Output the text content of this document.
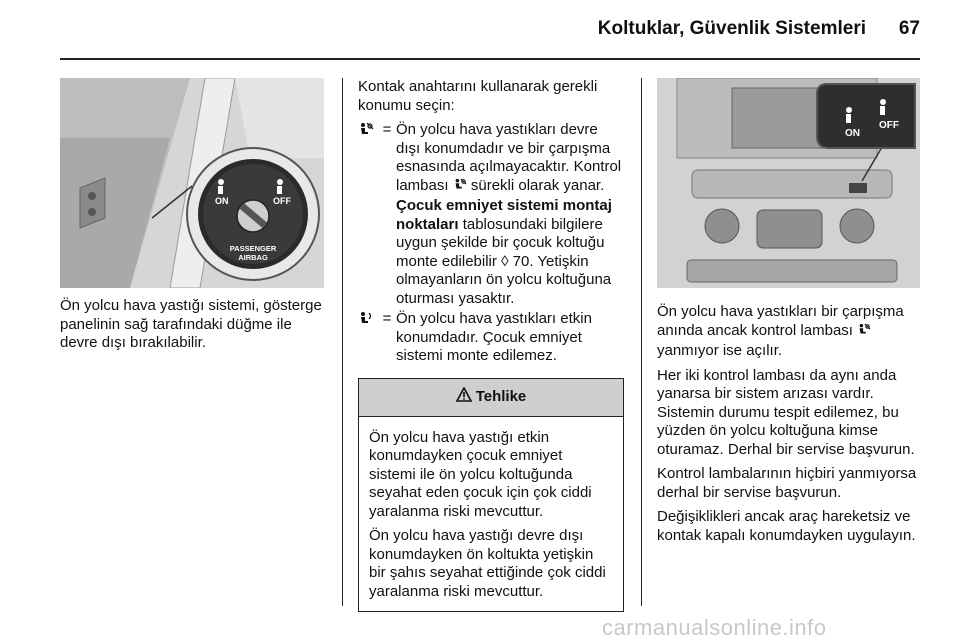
Koltuklar, Güvenlik Sistemleri 67
ON	OFF
PASSENGER
AIRBAG
ON
OFF
Ön yolcu hava yastığı sistemi, gösterge panelinin sağ tarafındaki düğme ile devre dışı bırakılabilir.
Kontak anahtarını kullanarak gerekli konumu seçin:
= Ön yolcu hava yastıkları devre dışı konumdadır ve bir çarpışma esnasında açılmayacaktır. Kontrol lambası  sürekli olarak yanar. Çocuk emniyet sistemi montaj noktaları tablosundaki bilgilere uygun şekilde bir çocuk koltuğu monte edilebilir ◊ 70. Yetişkin olmayanların ön yolcu koltuğuna oturması yasaktır.
= Ön yolcu hava yastıkları etkin konumdadır. Çocuk emniyet sistemi monte edilemez.
Tehlike
Ön yolcu hava yastığı etkin konumdayken çocuk emniyet sistemi ile ön yolcu koltuğunda seyahat eden çocuk için çok ciddi yaralanma riski mevcuttur.
Ön yolcu hava yastığı devre dışı konumdayken ön koltukta yetişkin bir şahıs seyahat ettiğinde çok ciddi yaralanma riski mevcuttur.
Ön yolcu hava yastıkları bir çarpışma anında ancak kontrol lambası  yanmıyor ise açılır.
Her iki kontrol lambası da aynı anda yanarsa bir sistem arızası vardır. Sistemin durumu tespit edilemez, bu yüzden ön yolcu koltuğuna kimse oturamaz. Derhal bir servise başvurun.
Kontrol lambalarının hiçbiri yanmıyorsa derhal bir servise başvurun.
Değişiklikleri ancak araç hareketsiz ve kontak kapalı konumdayken uygulayın.
carmanualsonline.info
